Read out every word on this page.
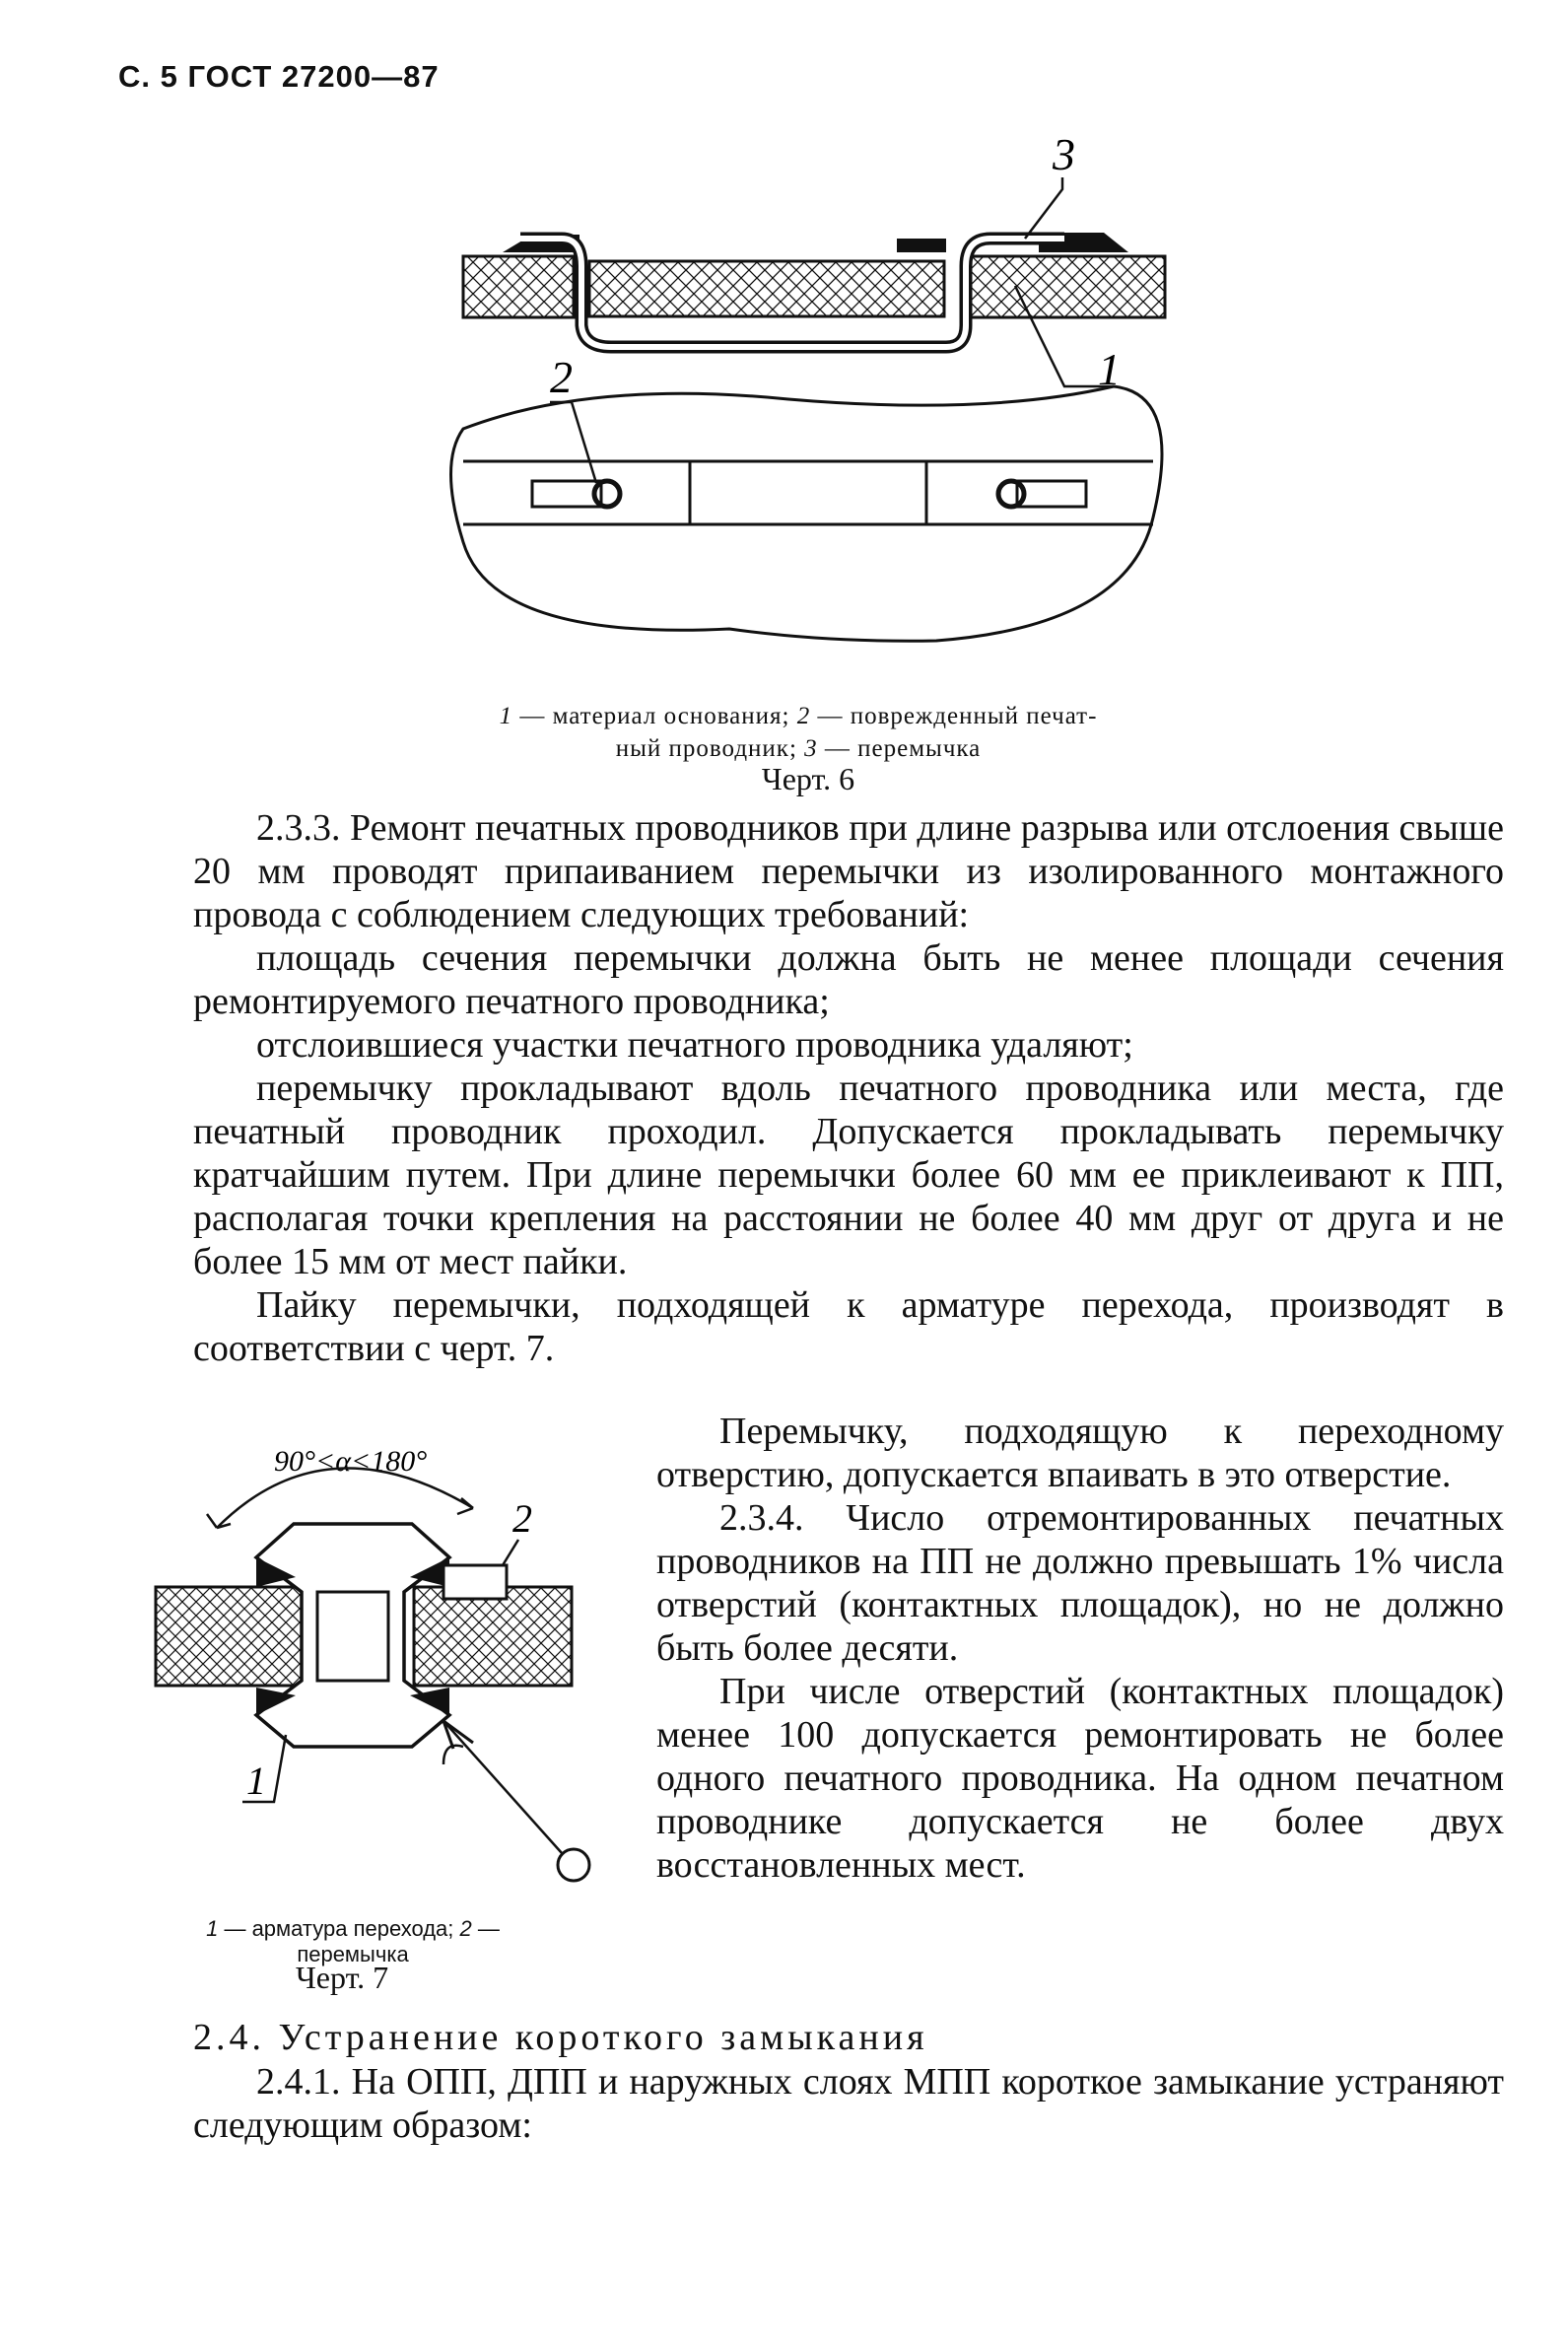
С. 5 ГОСТ 27200—87
3
1
2
1 — материал основания; 2 — поврежденный печат-
ный проводник; 3 — перемычка
Черт. 6

2.3.3. Ремонт печатных проводников при длине разрыва или отслоения свыше 20 мм проводят припаиванием перемычки из изолированного монтажного провода с соблюдением следующих требований:

площадь сечения перемычки должна быть не менее площади сечения ремонтируемого печатного проводника;

отслоившиеся участки печатного проводника удаляют;

перемычку прокладывают вдоль печатного проводника или места, где печатный проводник проходил. Допускается прокладывать перемычку кратчайшим путем. При длине перемычки более 60 мм ее приклеивают к ПП, располагая точки крепления на расстоянии не более 40 мм друг от друга и не более 15 мм от мест пайки.

Пайку перемычки, подходящей к арматуре перехода, производят в соответствии с черт. 7.

90°<α<180°
2
1
1 — арматура перехода; 2 —
перемычка
Черт. 7

Перемычку, подходящую к переходному отверстию, допускается впаивать в это отверстие.

2.3.4. Число отремонтированных печатных проводников на ПП не должно превышать 1% числа отверстий (контактных площадок), но не должно быть более десяти.

При числе отверстий (контактных площадок) менее 100 допускается ремонтировать не более одного печатного проводника. На одном печатном проводнике допускается не более двух восстановленных мест.

2.4. Устранение короткого замыкания

2.4.1. На ОПП, ДПП и наружных слоях МПП короткое замыкание устраняют следующим образом:
